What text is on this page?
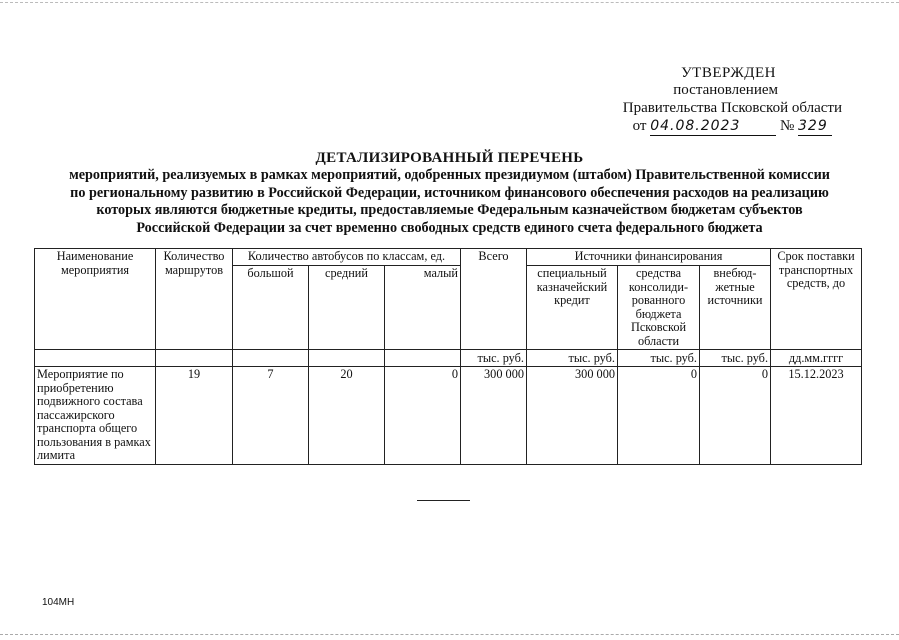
УТВЕРЖДЕН
постановлением
Правительства Псковской области
от 04.08.2023	№ 329
ДЕТАЛИЗИРОВАННЫЙ ПЕРЕЧЕНЬ
мероприятий, реализуемых в рамках мероприятий, одобренных президиумом (штабом) Правительственной комиссии
по региональному развитию в Российской Федерации, источником финансового обеспечения расходов на реализацию
которых являются бюджетные кредиты, предоставляемые Федеральным казначейством бюджетам субъектов
Российской Федерации за счет временно свободных средств единого счета федерального бюджета
Наименование мероприятия	Количество маршрутов	Количество автобусов по классам, ед.			Всего	Источники финансирования			Срок поставки транспортных средств, до
		большой	средний	малый		специальный казначейский кредит	средства консолиди-рованного бюджета Псковской области	внебюд-жетные источники	
					тыс. руб.	тыс. руб.	тыс. руб.	тыс. руб.	дд.мм.гггг
Мероприятие по приобретению подвижного состава пассажирского транспорта общего пользования в рамках лимита	19	7	20	0	300 000	300 000	0	0	15.12.2023
104МН
